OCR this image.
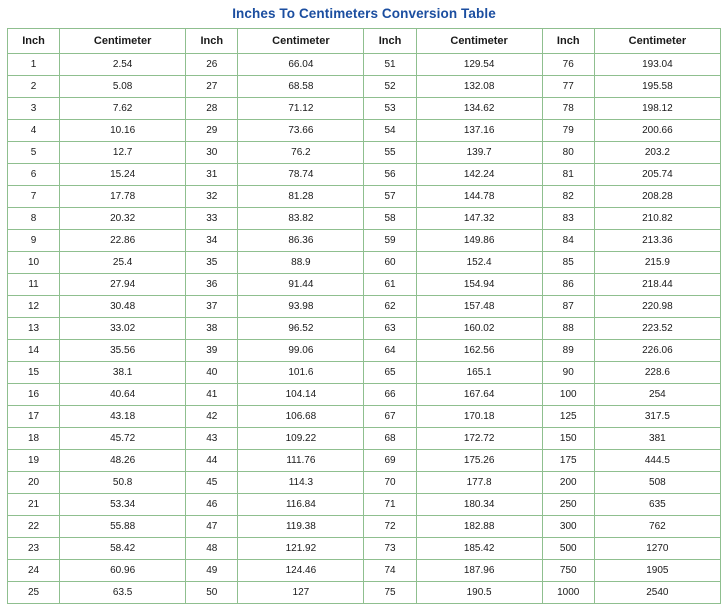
Inches To Centimeters Conversion Table
Inch	Centimeter	Inch	Centimeter	Inch	Centimeter	Inch	Centimeter
1	2.54	26	66.04	51	129.54	76	193.04
2	5.08	27	68.58	52	132.08	77	195.58
3	7.62	28	71.12	53	134.62	78	198.12
4	10.16	29	73.66	54	137.16	79	200.66
5	12.7	30	76.2	55	139.7	80	203.2
6	15.24	31	78.74	56	142.24	81	205.74
7	17.78	32	81.28	57	144.78	82	208.28
8	20.32	33	83.82	58	147.32	83	210.82
9	22.86	34	86.36	59	149.86	84	213.36
10	25.4	35	88.9	60	152.4	85	215.9
11	27.94	36	91.44	61	154.94	86	218.44
12	30.48	37	93.98	62	157.48	87	220.98
13	33.02	38	96.52	63	160.02	88	223.52
14	35.56	39	99.06	64	162.56	89	226.06
15	38.1	40	101.6	65	165.1	90	228.6
16	40.64	41	104.14	66	167.64	100	254
17	43.18	42	106.68	67	170.18	125	317.5
18	45.72	43	109.22	68	172.72	150	381
19	48.26	44	111.76	69	175.26	175	444.5
20	50.8	45	114.3	70	177.8	200	508
21	53.34	46	116.84	71	180.34	250	635
22	55.88	47	119.38	72	182.88	300	762
23	58.42	48	121.92	73	185.42	500	1270
24	60.96	49	124.46	74	187.96	750	1905
25	63.5	50	127	75	190.5	1000	2540
